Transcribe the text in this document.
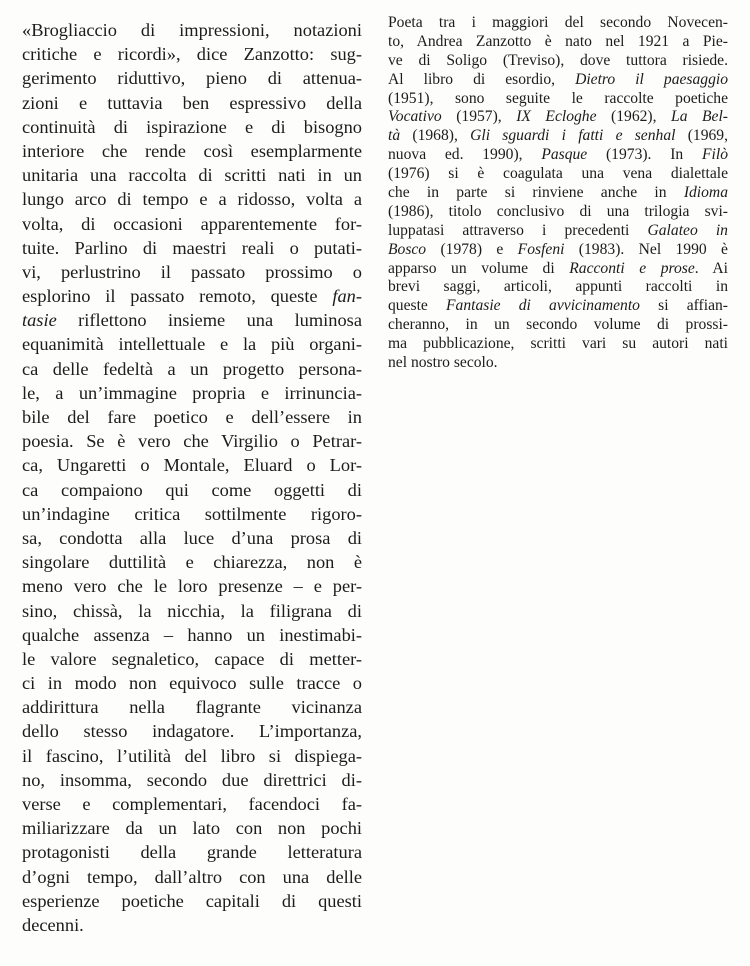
«Brogliaccio di impressioni, notazioni
critiche e ricordi», dice Zanzotto: sug-
gerimento riduttivo, pieno di attenua-
zioni e tuttavia ben espressivo della
continuità di ispirazione e di bisogno
interiore che rende così esemplarmente
unitaria una raccolta di scritti nati in un
lungo arco di tempo e a ridosso, volta a
volta, di occasioni apparentemente for-
tuite. Parlino di maestri reali o putati-
vi, perlustrino il passato prossimo o
esplorino il passato remoto, queste fan-
tasie riflettono insieme una luminosa
equanimità intellettuale e la più organi-
ca delle fedeltà a un progetto persona-
le, a un’immagine propria e irrinuncia-
bile del fare poetico e dell’essere in
poesia. Se è vero che Virgilio o Petrar-
ca, Ungaretti o Montale, Eluard o Lor-
ca compaiono qui come oggetti di
un’indagine critica sottilmente rigoro-
sa, condotta alla luce d’una prosa di
singolare duttilità e chiarezza, non è
meno vero che le loro presenze – e per-
sino, chissà, la nicchia, la filigrana di
qualche assenza – hanno un inestimabi-
le valore segnaletico, capace di metter-
ci in modo non equivoco sulle tracce o
addirittura nella flagrante vicinanza
dello stesso indagatore. L’importanza,
il fascino, l’utilità del libro si dispiega-
no, insomma, secondo due direttrici di-
verse e complementari, facendoci fa-
miliarizzare da un lato con non pochi
protagonisti della grande letteratura
d’ogni tempo, dall’altro con una delle
esperienze poetiche capitali di questi
decenni.
Poeta tra i maggiori del secondo Novecen-
to, Andrea Zanzotto è nato nel 1921 a Pie-
ve di Soligo (Treviso), dove tuttora risiede.
Al libro di esordio, Dietro il paesaggio
(1951), sono seguite le raccolte poetiche
Vocativo (1957), IX Ecloghe (1962), La Bel-
tà (1968), Gli sguardi i fatti e senhal (1969,
nuova ed. 1990), Pasque (1973). In Filò
(1976) si è coagulata una vena dialettale
che in parte si rinviene anche in Idioma
(1986), titolo conclusivo di una trilogia svi-
luppatasi attraverso i precedenti Galateo in
Bosco (1978) e Fosfeni (1983). Nel 1990 è
apparso un volume di Racconti e prose. Ai
brevi saggi, articoli, appunti raccolti in
queste Fantasie di avvicinamento si affian-
cheranno, in un secondo volume di prossi-
ma pubblicazione, scritti vari su autori nati
nel nostro secolo.
